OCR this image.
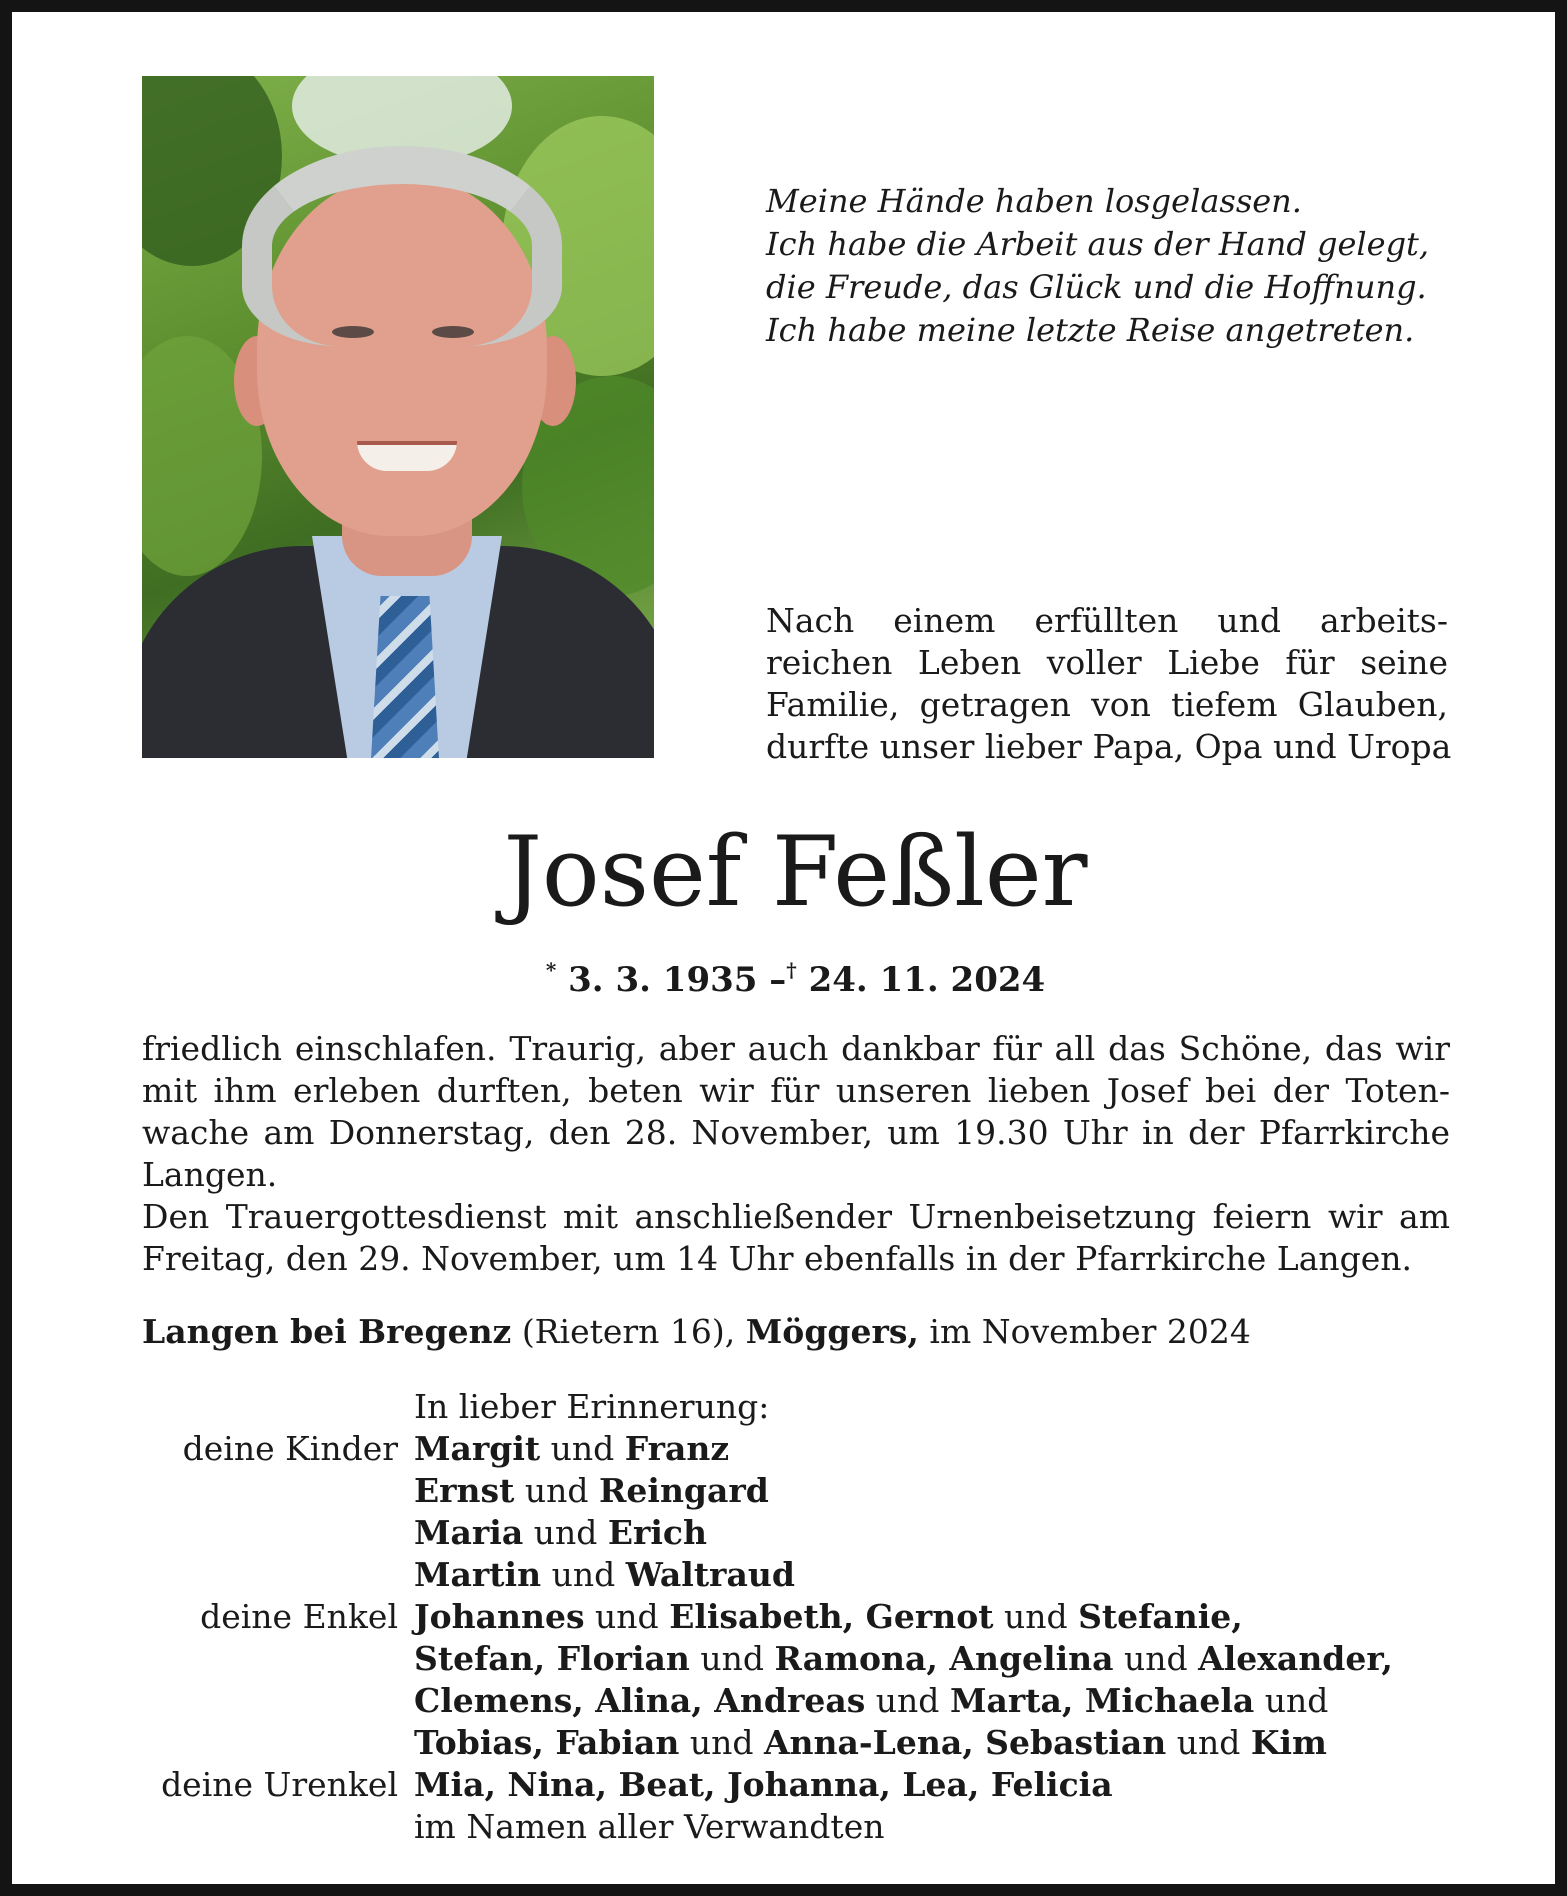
Meine Hände haben losgelassen.
Ich habe die Arbeit aus der Hand gelegt,
die Freude, das Glück und die Hoffnung.
Ich habe meine letzte Reise angetreten.
Nach einem erfüllten und arbeits-
reichen Leben voller Liebe für seine
Familie, getragen von tiefem Glauben,
durfte unser lieber Papa, Opa und Uropa
Josef Feßler
* 3. 3. 1935 –† 24. 11. 2024
friedlich einschlafen. Traurig, aber auch dankbar für all das Schöne, das wir
mit ihm erleben durften, beten wir für unseren lieben Josef bei der Toten-
wache am Donnerstag, den 28. November, um 19.30 Uhr in der Pfarrkirche
Langen.
Den Trauergottesdienst mit anschließender Urnenbeisetzung feiern wir am
Freitag, den 29. November, um 14 Uhr ebenfalls in der Pfarrkirche Langen.
Langen bei Bregenz (Rietern 16), Möggers, im November 2024
In lieber Erinnerung:
deine Kinder Margit und Franz
Ernst und Reingard
Maria und Erich
Martin und Waltraud
deine Enkel Johannes und Elisabeth, Gernot und Stefanie,
Stefan, Florian und Ramona, Angelina und Alexander,
Clemens, Alina, Andreas und Marta, Michaela und
Tobias, Fabian und Anna-Lena, Sebastian und Kim
deine Urenkel Mia, Nina, Beat, Johanna, Lea, Felicia
im Namen aller Verwandten
